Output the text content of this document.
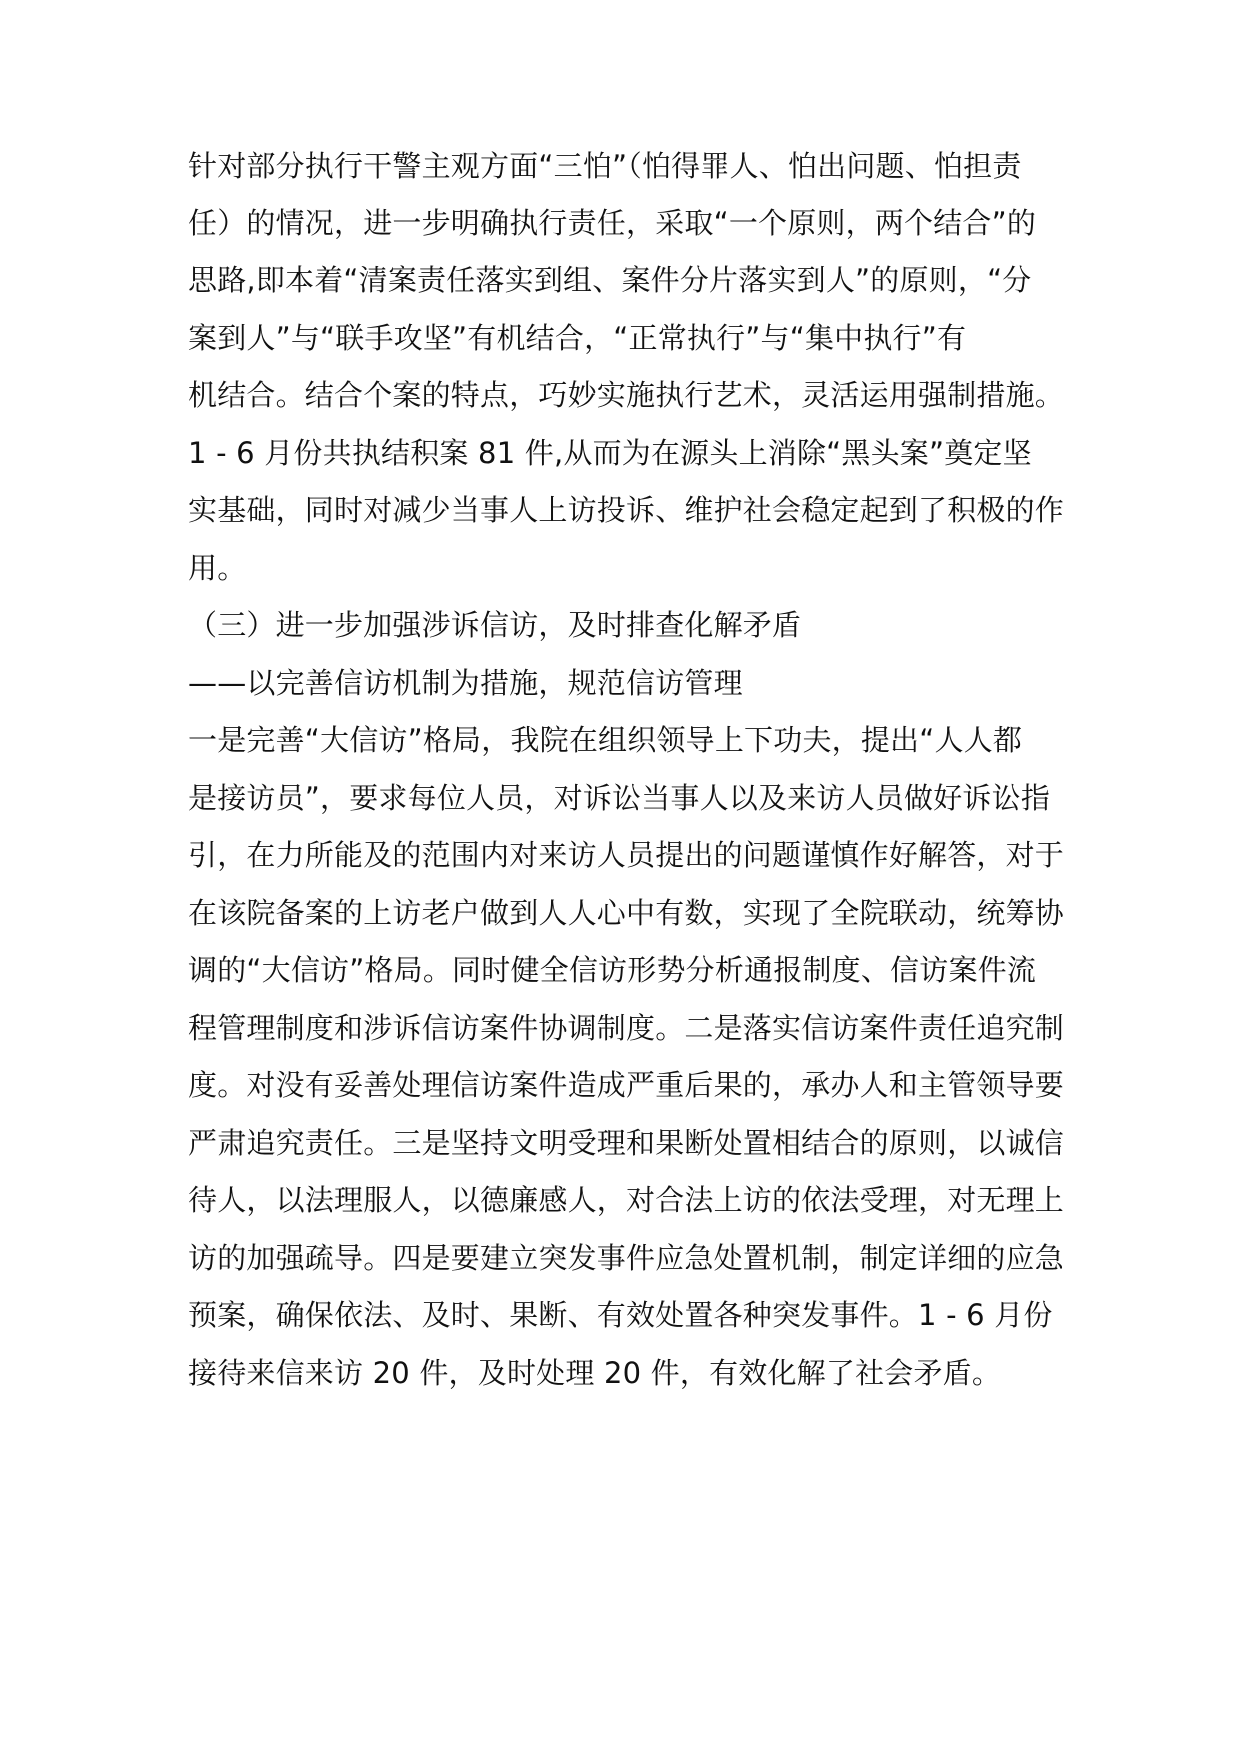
针对部分执行干警主观方面“三怕”（怕得罪人、怕出问题、怕担责
任）的情况，进一步明确执行责任，采取“一个原则，两个结合”的
思路,即本着“清案责任落实到组、案件分片落实到人”的原则，“分
案到人”与“联手攻坚”有机结合，“正常执行”与“集中执行”有
机结合。结合个案的特点，巧妙实施执行艺术，灵活运用强制措施。
1 - 6 月份共执结积案 81 件,从而为在源头上消除“黑头案”奠定坚
实基础，同时对减少当事人上访投诉、维护社会稳定起到了积极的作
用。
（三）进一步加强涉诉信访，及时排查化解矛盾
——以完善信访机制为措施，规范信访管理
一是完善“大信访”格局，我院在组织领导上下功夫，提出“人人都
是接访员”，要求每位人员，对诉讼当事人以及来访人员做好诉讼指
引，在力所能及的范围内对来访人员提出的问题谨慎作好解答，对于
在该院备案的上访老户做到人人心中有数，实现了全院联动，统筹协
调的“大信访”格局。同时健全信访形势分析通报制度、信访案件流
程管理制度和涉诉信访案件协调制度。二是落实信访案件责任追究制
度。对没有妥善处理信访案件造成严重后果的，承办人和主管领导要
严肃追究责任。三是坚持文明受理和果断处置相结合的原则，以诚信
待人，以法理服人，以德廉感人，对合法上访的依法受理，对无理上
访的加强疏导。四是要建立突发事件应急处置机制，制定详细的应急
预案，确保依法、及时、果断、有效处置各种突发事件。1 - 6 月份
接待来信来访 20 件，及时处理 20 件，有效化解了社会矛盾。
